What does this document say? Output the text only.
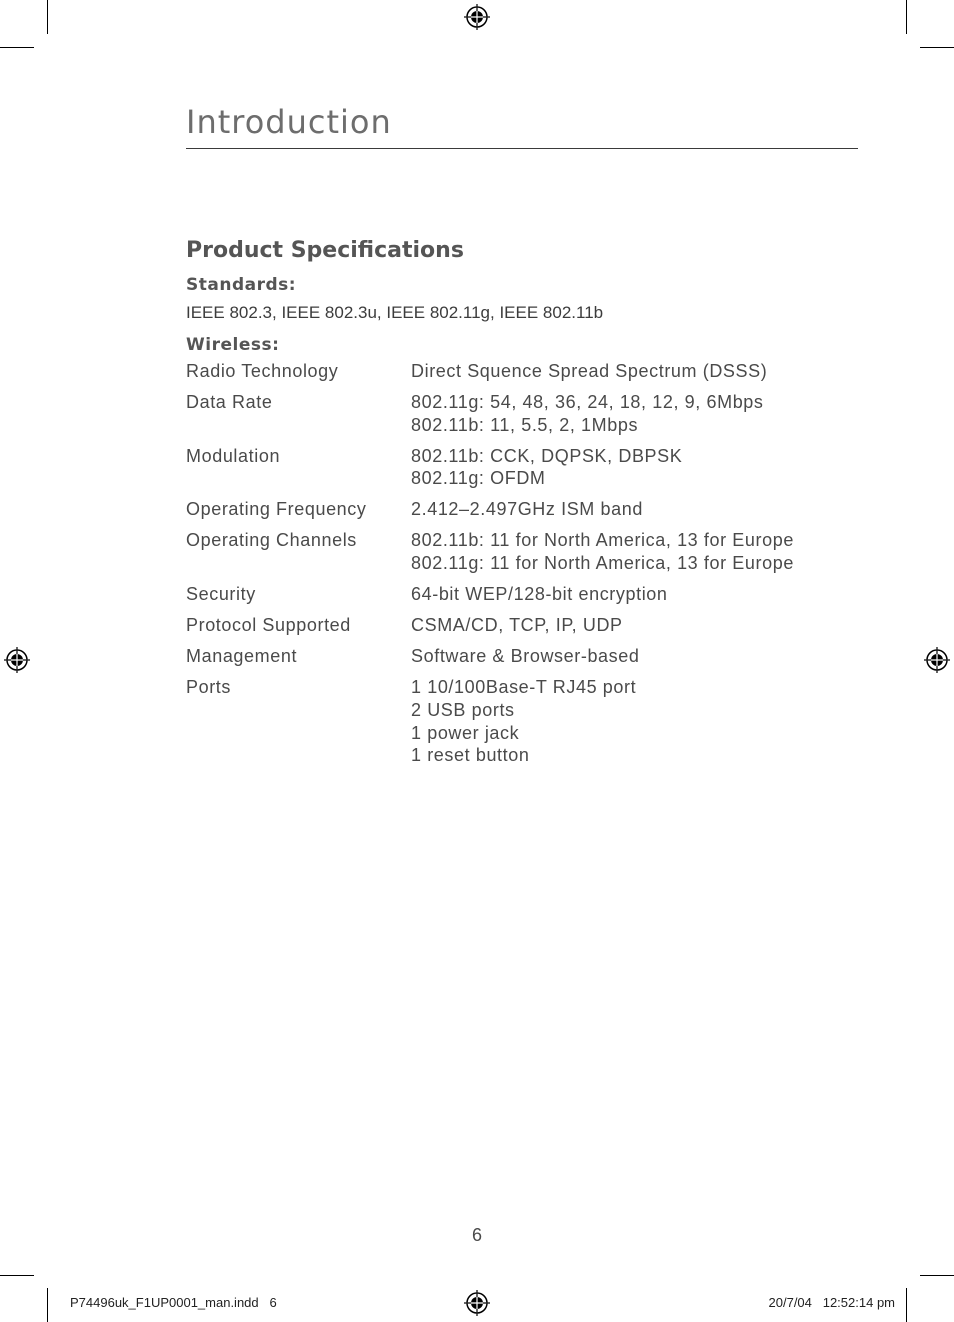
Introduction
Product Specifications
Standards:
IEEE 802.3, IEEE 802.3u, IEEE 802.11g, IEEE 802.11b
Wireless:
Radio Technology	Direct Squence Spread Spectrum (DSSS)
Data Rate	802.11g: 54, 48, 36, 24, 18, 12, 9, 6Mbps
802.11b: 11, 5.5, 2, 1Mbps
Modulation	802.11b: CCK, DQPSK, DBPSK
802.11g: OFDM
Operating Frequency	2.412–2.497GHz ISM band
Operating Channels	802.11b: 11 for North America, 13 for Europe
802.11g: 11 for North America, 13 for Europe
Security	64-bit WEP/128-bit encryption
Protocol Supported	CSMA/CD, TCP, IP, UDP
Management	Software & Browser-based
Ports	1 10/100Base-T RJ45 port
2 USB ports
1 power jack
1 reset button
6
P74496uk_F1UP0001_man.indd   6	20/7/04   12:52:14 pm
